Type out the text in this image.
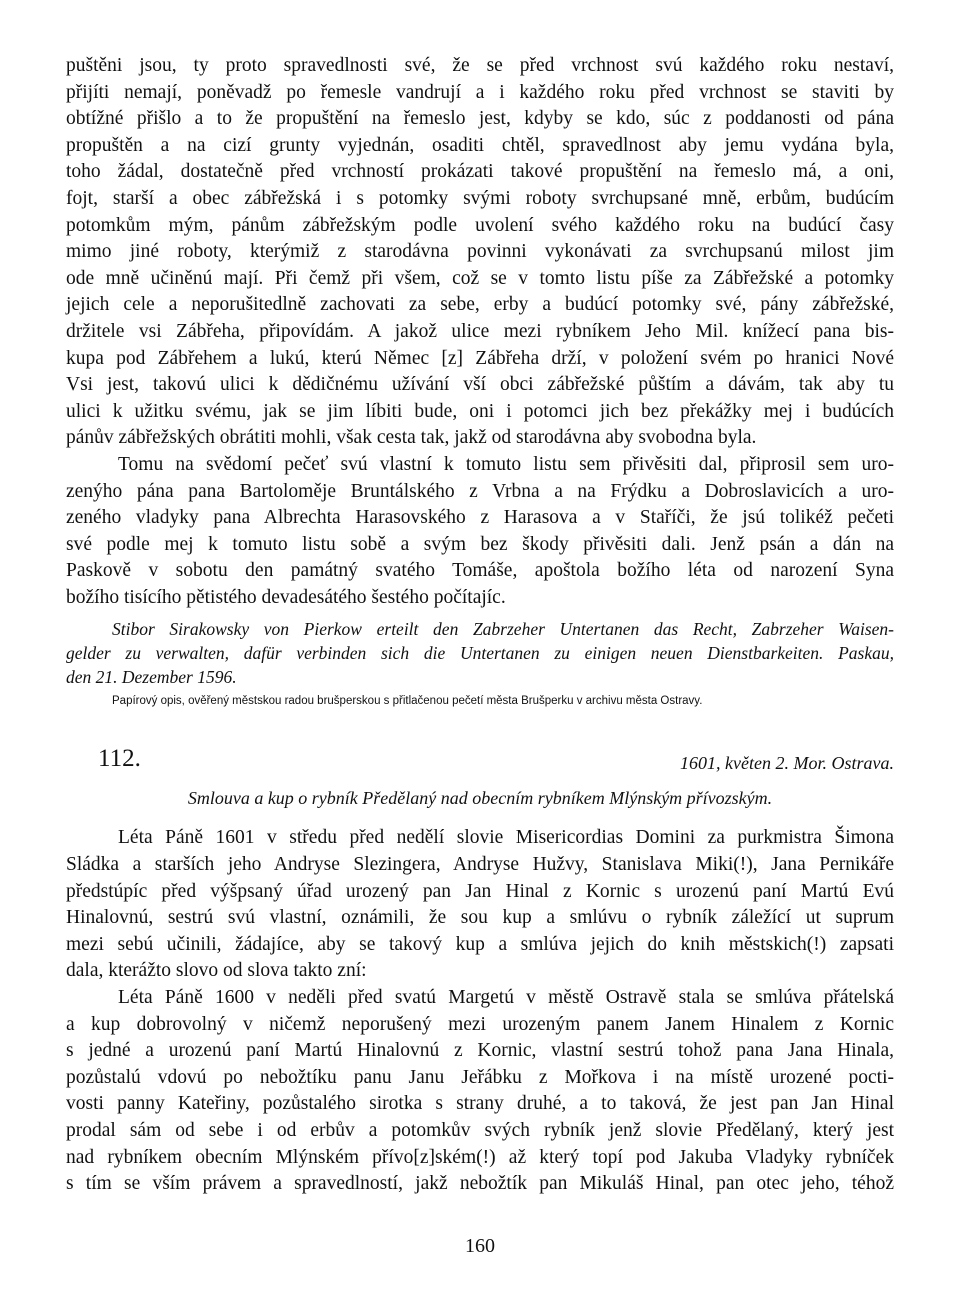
puštěni jsou, ty proto spravedlnosti své, že se před vrchnost svú každého roku nestaví,
přijíti nemají, poněvadž po řemesle vandrují a i každého roku před vrchnost se staviti by
obtížné přišlo a to že propuštění na řemeslo jest, kdyby se kdo, súc z poddanosti od pána
propuštěn a na cizí grunty vyjednán, osaditi chtěl, spravedlnost aby jemu vydána byla,
toho žádal, dostatečně před vrchností prokázati takové propuštění na řemeslo má, a oni,
fojt, starší a obec zábřežská i s potomky svými roboty svrchupsané mně, erbům, budúcím
potomkům mým, pánům zábřežským podle uvolení svého každého roku na budúcí časy
mimo jiné roboty, kterýmiž z starodávna povinni vykonávati za svrchupsanú milost jim
ode mně učiněnú mají. Při čemž při všem, což se v tomto listu píše za Zábřežské a potomky
jejich cele a neporušitedlně zachovati za sebe, erby a budúcí potomky své, pány zábřežské,
držitele vsi Zábřeha, připovídám. A jakož ulice mezi rybníkem Jeho Mil. knížecí pana bis-
kupa pod Zábřehem a lukú, kterú Němec [z] Zábřeha drží, v položení svém po hranici Nové
Vsi jest, takovú ulici k dědičnému užívání vší obci zábřežské půštím a dávám, tak aby tu
ulici k užitku svému, jak se jim líbiti bude, oni i potomci jich bez překážky mej i budúcích
pánův zábřežských obrátiti mohli, však cesta tak, jakž od starodávna aby svobodna byla.
Tomu na svědomí pečeť svú vlastní k tomuto listu sem přivěsiti dal, připrosil sem uro-
zenýho pána pana Bartoloměje Bruntálského z Vrbna a na Frýdku a Dobroslavicích a uro-
zeného vladyky pana Albrechta Harasovského z Harasova a v Staříči, že jsú tolikéž pečeti
své podle mej k tomuto listu sobě a svým bez škody přivěsiti dali. Jenž psán a dán na
Paskově v sobotu den památný svatého Tomáše, apoštola božího léta od narození Syna
božího tisícího pětistého devadesátého šestého počítajíc.
Stibor Sirakowsky von Pierkow erteilt den Zabrzeher Untertanen das Recht, Zabrzeher Waisen-
gelder zu verwalten, dafür verbinden sich die Untertanen zu einigen neuen Dienstbarkeiten. Paskau,
den 21. Dezember 1596.
Papírový opis, ověřený městskou radou brušperskou s přitlačenou pečetí města Brušperku v archivu města Ostravy.
112.	1601, květen 2. Mor. Ostrava.
Smlouva a kup o rybník Předělaný nad obecním rybníkem Mlýnským přívozským.
Léta Páně 1601 v středu před nedělí slovie Misericordias Domini za purkmistra Šimona
Sládka a starších jeho Andryse Slezingera, Andryse Hužvy, Stanislava Miki(!), Jana Pernikáře
předstúpíc před výšpsaný úřad urozený pan Jan Hinal z Kornic s urozenú paní Martú Evú
Hinalovnú, sestrú svú vlastní, oznámili, že sou kup a smlúvu o rybník záležící ut suprum
mezi sebú učinili, žádajíce, aby se takový kup a smlúva jejich do knih městskich(!) zapsati
dala, kterážto slovo od slova takto zní:
Léta Páně 1600 v neděli před svatú Margetú v městě Ostravě stala se smlúva přátelská
a kup dobrovolný v ničemž neporušený mezi urozeným panem Janem Hinalem z Kornic
s jedné a urozenú paní Martú Hinalovnú z Kornic, vlastní sestrú tohož pana Jana Hinala,
pozůstalú vdovú po nebožtíku panu Janu Jeřábku z Mořkova i na místě urozené pocti-
vosti panny Kateřiny, pozůstalého sirotka s strany druhé, a to taková, že jest pan Jan Hinal
prodal sám od sebe i od erbův a potomkův svých rybník jenž slovie Předělaný, který jest
nad rybníkem obecním Mlýnském přívo[z]ském(!) až který topí pod Jakuba Vladyky rybníček
s tím se vším právem a spravedlností, jakž nebožtík pan Mikuláš Hinal, pan otec jeho, téhož
160
